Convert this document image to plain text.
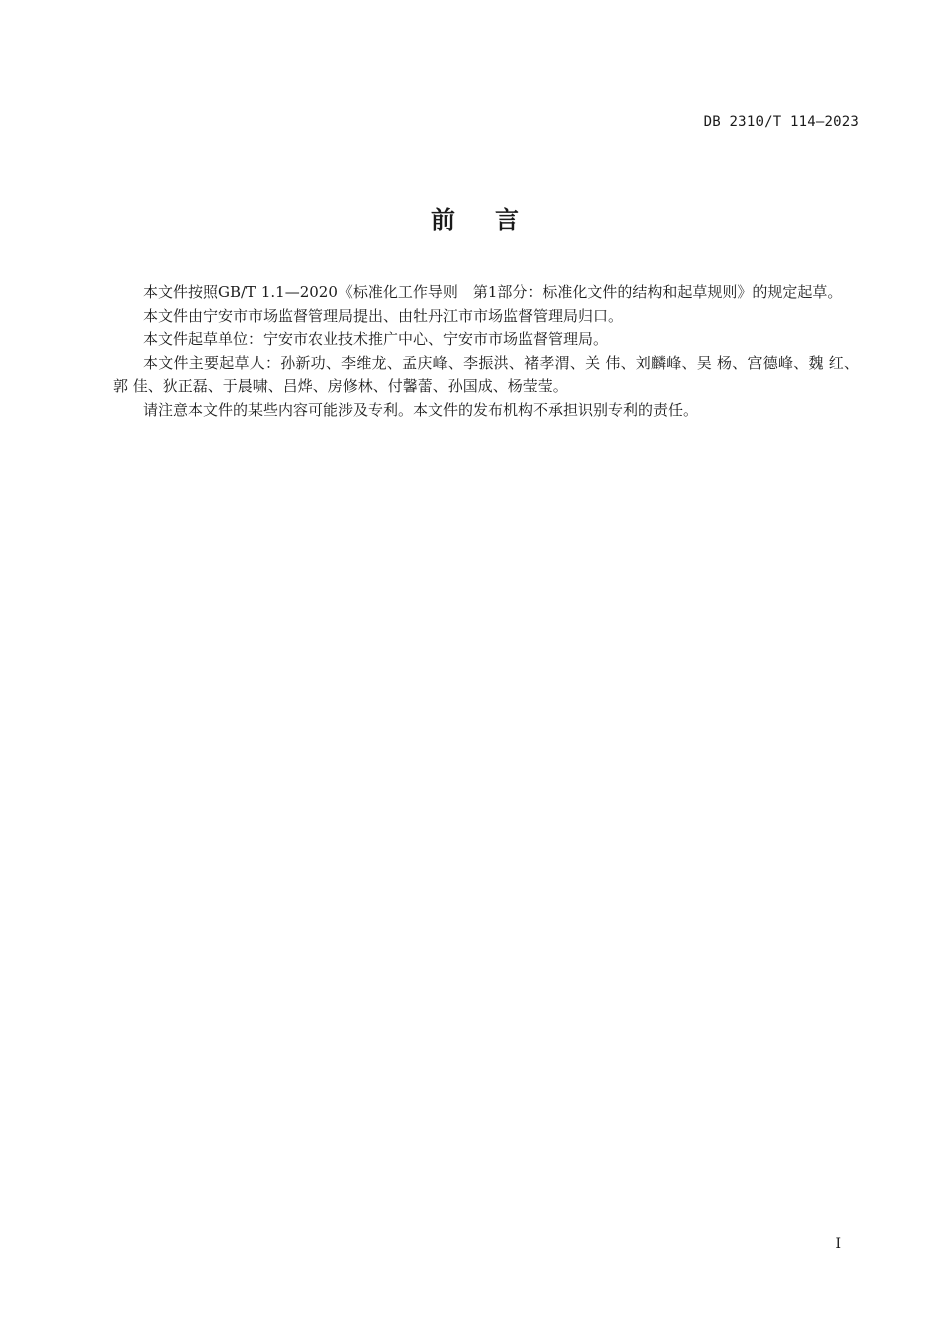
DB 2310/T 114—2023
前言

本文件按照GB/T 1.1—2020《标准化工作导则　第1部分：标准化文件的结构和起草规则》的规定起草。

本文件由宁安市市场监督管理局提出、由牡丹江市市场监督管理局归口。

本文件起草单位：宁安市农业技术推广中心、宁安市市场监督管理局。

本文件主要起草人：孙新功、李维龙、孟庆峰、李振洪、褚孝渭、关 伟、刘麟峰、吴 杨、宫德峰、魏 红、郭 佳、狄正磊、于晨啸、吕烨、房修林、付馨蕾、孙国成、杨莹莹。

请注意本文件的某些内容可能涉及专利。本文件的发布机构不承担识别专利的责任。

I
